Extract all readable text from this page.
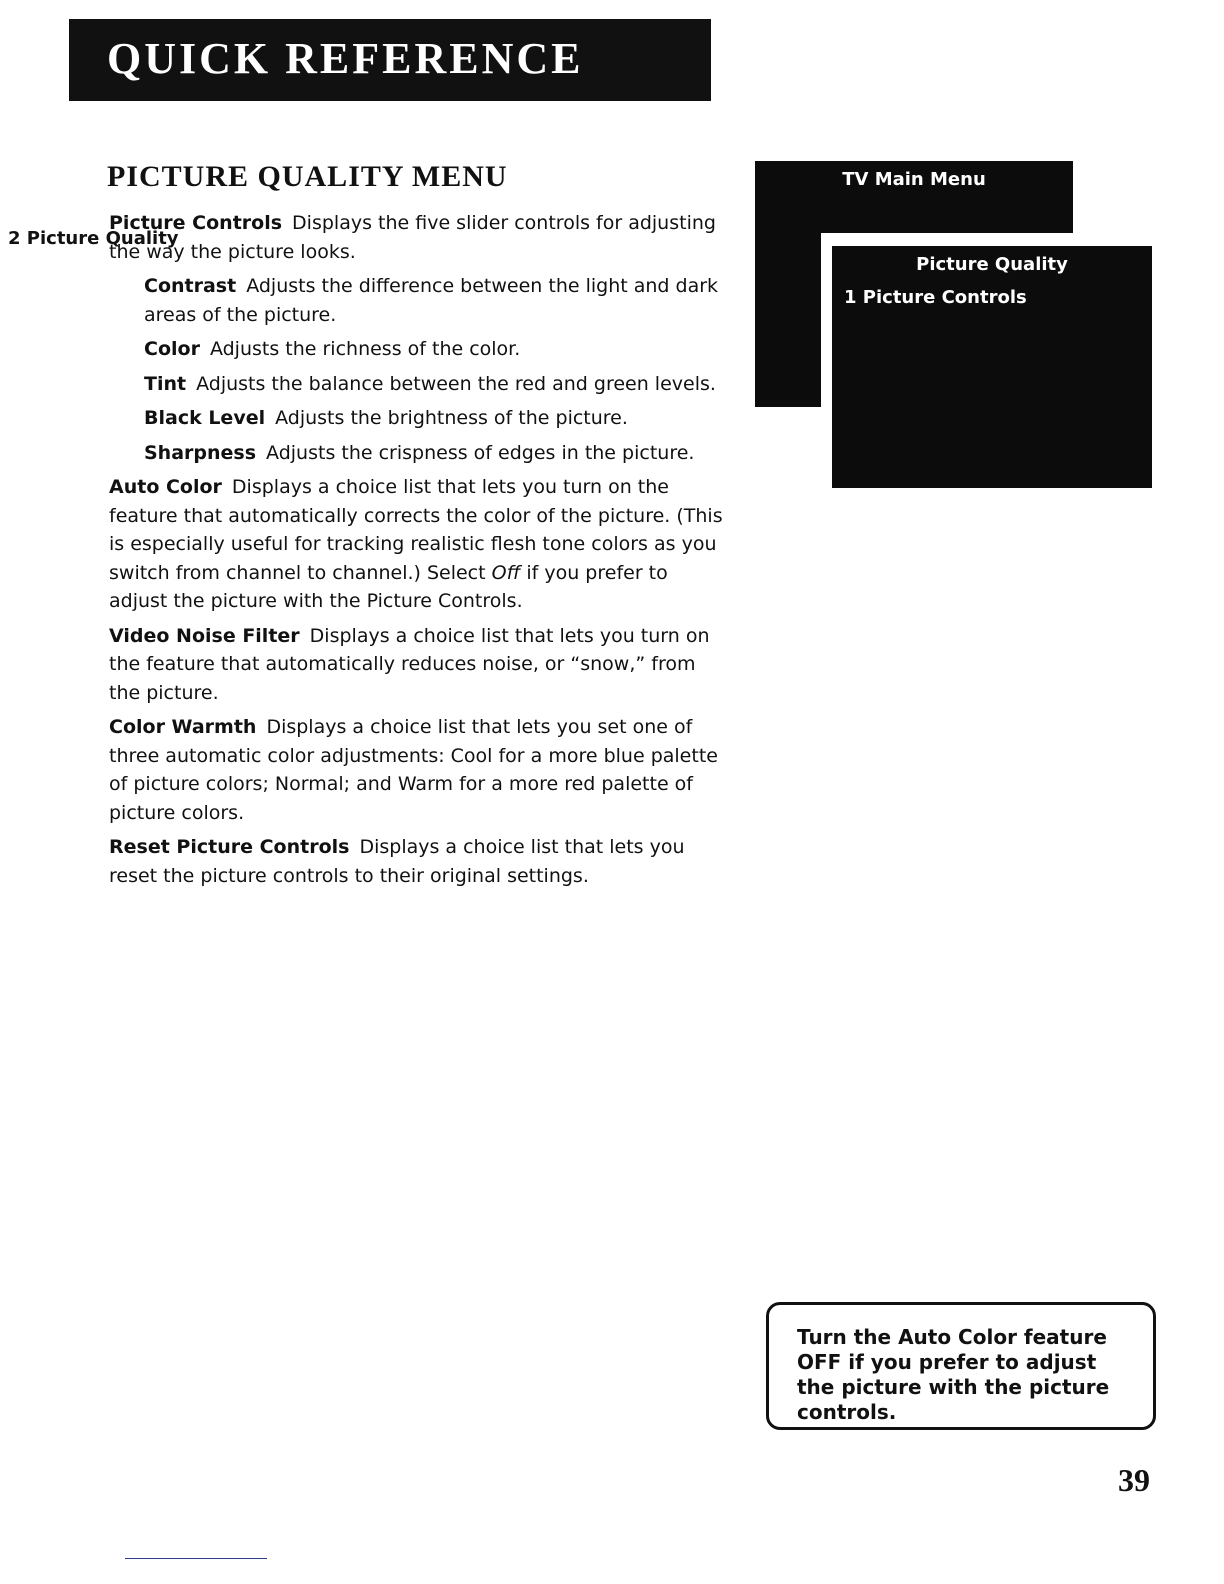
QUICK REFERENCE
PICTURE QUALITY MENU

Picture Controls Displays the five slider controls for adjusting the way the picture looks.

Contrast Adjusts the difference between the light and dark areas of the picture.

Color Adjusts the richness of the color.

Tint Adjusts the balance between the red and green levels.

Black Level Adjusts the brightness of the picture.

Sharpness Adjusts the crispness of edges in the picture.

Auto Color Displays a choice list that lets you turn on the feature that automatically corrects the color of the picture. (This is especially useful for tracking realistic flesh tone colors as you switch from channel to channel.) Select Off if you prefer to adjust the picture with the Picture Controls.

Video Noise Filter Displays a choice list that lets you turn on the feature that automatically reduces noise, or “snow,” from the picture.

Color Warmth Displays a choice list that lets you set one of three automatic color adjustments: Cool for a more blue palette of picture colors; Normal; and Warm for a more red palette of picture colors.

Reset Picture Controls Displays a choice list that lets you reset the picture controls to their original settings.

TV Main Menu
2 Picture Quality
Picture Quality
1 Picture Controls
Turn the Auto Color feature OFF if you prefer to adjust the picture with the picture controls.
39
